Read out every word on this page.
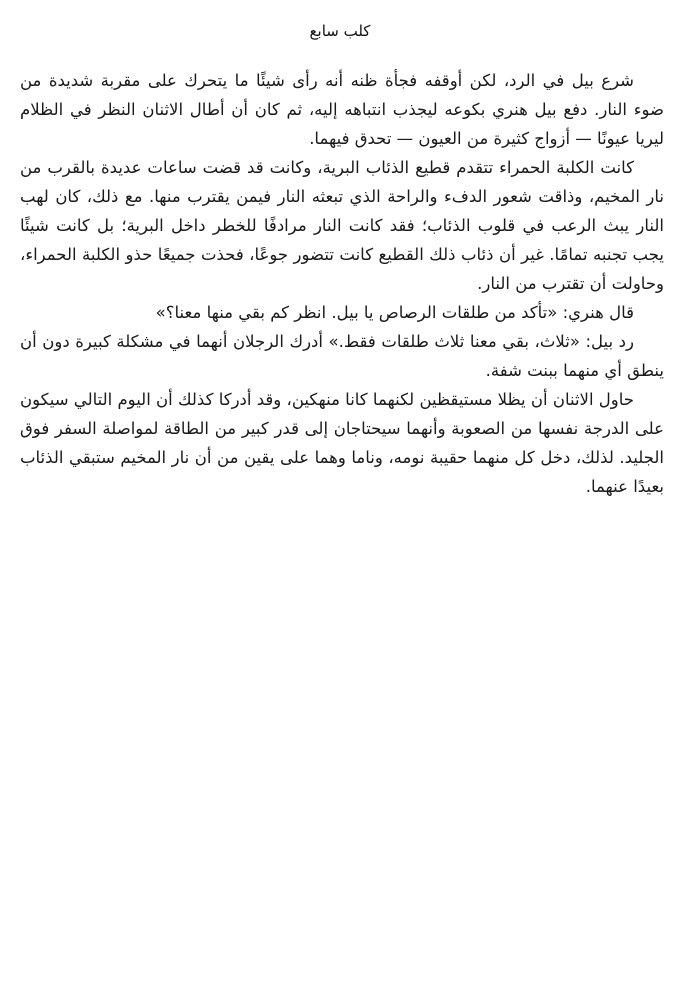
كلب سابع

شرع بيل في الرد، لكن أوقفه فجأة ظنه أنه رأى شيئًا ما يتحرك على مقربة شديدة من ضوء النار. دفع بيل هنري بكوعه ليجذب انتباهه إليه، ثم كان أن أطال الاثنان النظر في الظلام ليريا عيونًا — أزواج كثيرة من العيون — تحدق فيهما.

كانت الكلبة الحمراء تتقدم قطيع الذئاب البرية، وكانت قد قضت ساعات عديدة بالقرب من نار المخيم، وذاقت شعور الدفء والراحة الذي تبعثه النار فيمن يقترب منها. مع ذلك، كان لهب النار يبث الرعب في قلوب الذئاب؛ فقد كانت النار مرادفًا للخطر داخل البرية؛ بل كانت شيئًا يجب تجنبه تمامًا. غير أن ذئاب ذلك القطيع كانت تتضور جوعًا، فحذت جميعًا حذو الكلبة الحمراء، وحاولت أن تقترب من النار.

قال هنري: «تأكد من طلقات الرصاص يا بيل. انظر كم بقي منها معنا؟»

رد بيل: «ثلاث، بقي معنا ثلاث طلقات فقط.» أدرك الرجلان أنهما في مشكلة كبيرة دون أن ينطق أي منهما ببنت شفة.

حاول الاثنان أن يظلا مستيقظين لكنهما كانا منهكين، وقد أدركا كذلك أن اليوم التالي سيكون على الدرجة نفسها من الصعوبة وأنهما سيحتاجان إلى قدر كبير من الطاقة لمواصلة السفر فوق الجليد. لذلك، دخل كل منهما حقيبة نومه، وناما وهما على يقين من أن نار المخيم ستبقي الذئاب بعيدًا عنهما.
